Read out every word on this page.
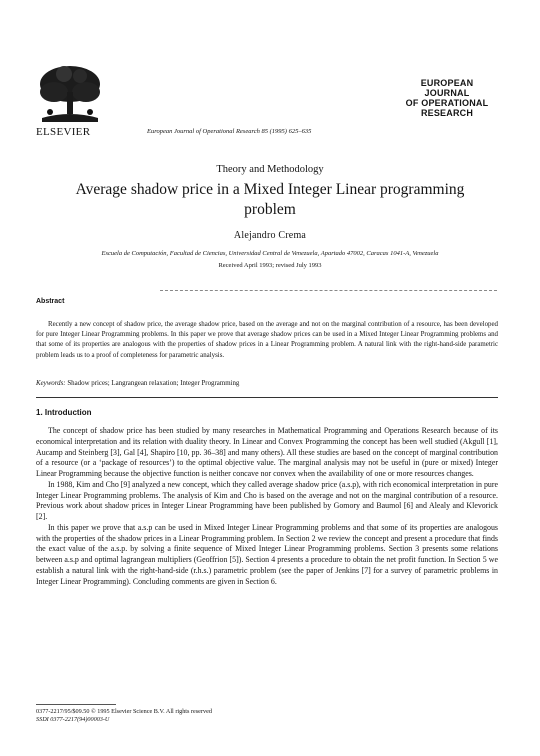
ELSEVIER
EUROPEAN
JOURNAL
OF OPERATIONAL
RESEARCH
European Journal of Operational Research 85 (1995) 625–635
Theory and Methodology
Average shadow price in a Mixed Integer Linear programming problem
Alejandro Crema
Escuela de Computación, Facultad de Ciencias, Universidad Central de Venezuela, Apartado 47002, Caracas 1041-A, Venezuela
Received April 1993; revised July 1993
Abstract
Recently a new concept of shadow price, the average shadow price, based on the average and not on the marginal contribution of a resource, has been developed for pure Integer Linear Programming problems. In this paper we prove that average shadow prices can be used in a Mixed Integer Linear Programming problems and that some of its properties are analogous with the properties of shadow prices in a Linear Programming problem. A natural link with the right-hand-side parametric problem leads us to a proof of completeness for parametric analysis.
Keywords: Shadow prices; Langrangean relaxation; Integer Programming
1. Introduction

The concept of shadow price has been studied by many researches in Mathematical Programming and Operations Research because of its economical interpretation and its relation with duality theory. In Linear and Convex Programming the concept has been well studied (Akgull [1], Aucamp and Steinberg [3], Gal [4], Shapiro [10, pp. 36–38] and many others). All these studies are based on the concept of marginal contribution of a resource (or a ‘package of resources’) to the optimal objective value. The marginal analysis may not be useful in (pure or mixed) Integer Linear Programming because the objective function is neither concave nor convex when the availability of one or more resources changes.

In 1988, Kim and Cho [9] analyzed a new concept, which they called average shadow price (a.s.p), with rich economical interpretation in pure Integer Linear Programming problems. The analysis of Kim and Cho is based on the average and not on the marginal contribution of a resource. Previous work about shadow prices in Integer Linear Programming have been published by Gomory and Baumol [6] and Alealy and Klevorick [2].

In this paper we prove that a.s.p can be used in Mixed Integer Linear Programming problems and that some of its properties are analogous with the properties of the shadow prices in a Linear Programming problem. In Section 2 we review the concept and present a procedure that finds the exact value of the a.s.p. by solving a finite sequence of Mixed Integer Linear Programming problems. Section 3 presents some relations between a.s.p and optimal lagrangean multipliers (Geoffrion [5]). Section 4 presents a procedure to obtain the net profit function. In Section 5 we establish a natural link with the right-hand-side (r.h.s.) parametric problem (see the paper of Jenkins [7] for a survey of parametric problems in Integer Linear Programming). Concluding comments are given in Section 6.

0377-2217/95/$09.50 © 1995 Elsevier Science B.V. All rights reserved
SSDI 0377-2217(94)00003-U
